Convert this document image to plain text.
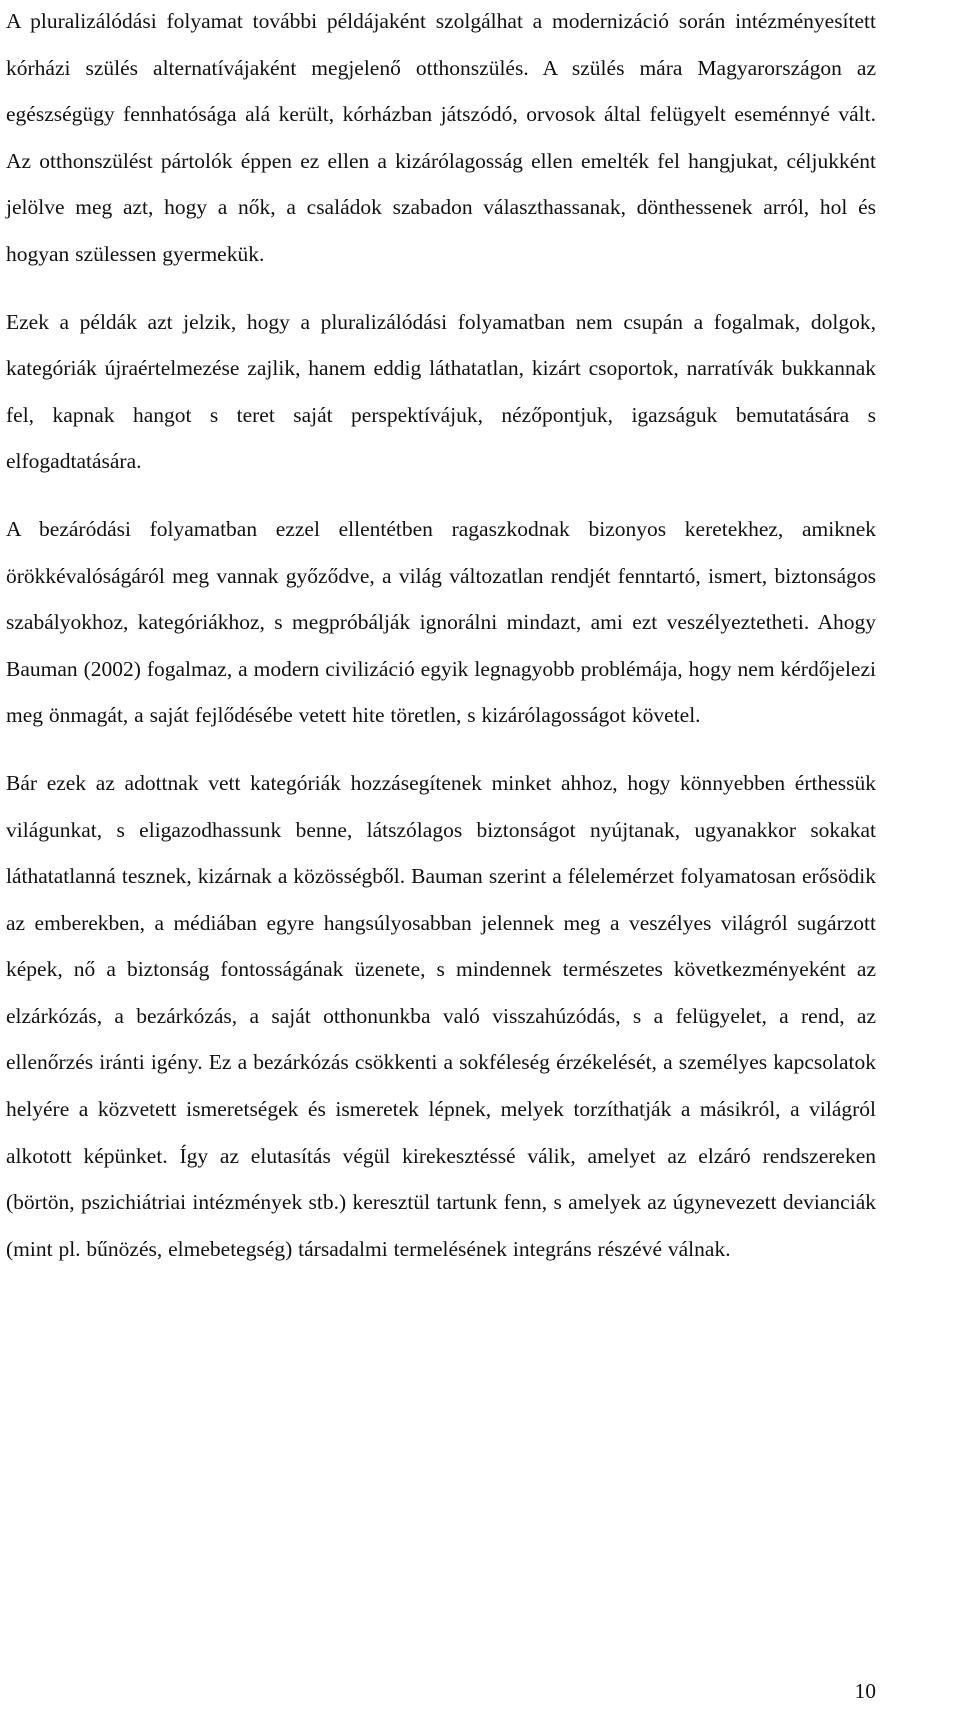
A pluralizálódási folyamat további példájaként szolgálhat a modernizáció során intézményesített kórházi szülés alternatívájaként megjelenő otthonszülés. A szülés mára Magyarországon az egészségügy fennhatósága alá került, kórházban játszódó, orvosok által felügyelt eseménnyé vált. Az otthonszülést pártolók éppen ez ellen a kizárólagosság ellen emelték fel hangjukat, céljukként jelölve meg azt, hogy a nők, a családok szabadon választhassanak, dönthessenek arról, hol és hogyan szülessen gyermekük.

Ezek a példák azt jelzik, hogy a pluralizálódási folyamatban nem csupán a fogalmak, dolgok, kategóriák újraértelmezése zajlik, hanem eddig láthatatlan, kizárt csoportok, narratívák bukkannak fel, kapnak hangot s teret saját perspektívájuk, nézőpontjuk, igazságuk bemutatására s elfogadtatására.

A bezáródási folyamatban ezzel ellentétben ragaszkodnak bizonyos keretekhez, amiknek örökkévalóságáról meg vannak győződve, a világ változatlan rendjét fenntartó, ismert, biztonságos szabályokhoz, kategóriákhoz, s megpróbálják ignorálni mindazt, ami ezt veszélyeztetheti. Ahogy Bauman (2002) fogalmaz, a modern civilizáció egyik legnagyobb problémája, hogy nem kérdőjelezi meg önmagát, a saját fejlődésébe vetett hite töretlen, s kizárólagosságot követel.

Bár ezek az adottnak vett kategóriák hozzásegítenek minket ahhoz, hogy könnyebben érthessük világunkat, s eligazodhassunk benne, látszólagos biztonságot nyújtanak, ugyanakkor sokakat láthatatlanná tesznek, kizárnak a közösségből. Bauman szerint a félelemérzet folyamatosan erősödik az emberekben, a médiában egyre hangsúlyosabban jelennek meg a veszélyes világról sugárzott képek, nő a biztonság fontosságának üzenete, s mindennek természetes következményeként az elzárkózás, a bezárkózás, a saját otthonunkba való visszahúzódás, s a felügyelet, a rend, az ellenőrzés iránti igény. Ez a bezárkózás csökkenti a sokféleség érzékelését, a személyes kapcsolatok helyére a közvetett ismeretségek és ismeretek lépnek, melyek torzíthatják a másikról, a világról alkotott képünket. Így az elutasítás végül kirekesztéssé válik, amelyet az elzáró rendszereken (börtön, pszichiátriai intézmények stb.) keresztül tartunk fenn, s amelyek az úgynevezett devianciák (mint pl. bűnözés, elmebetegség) társadalmi termelésének integráns részévé válnak.

10
